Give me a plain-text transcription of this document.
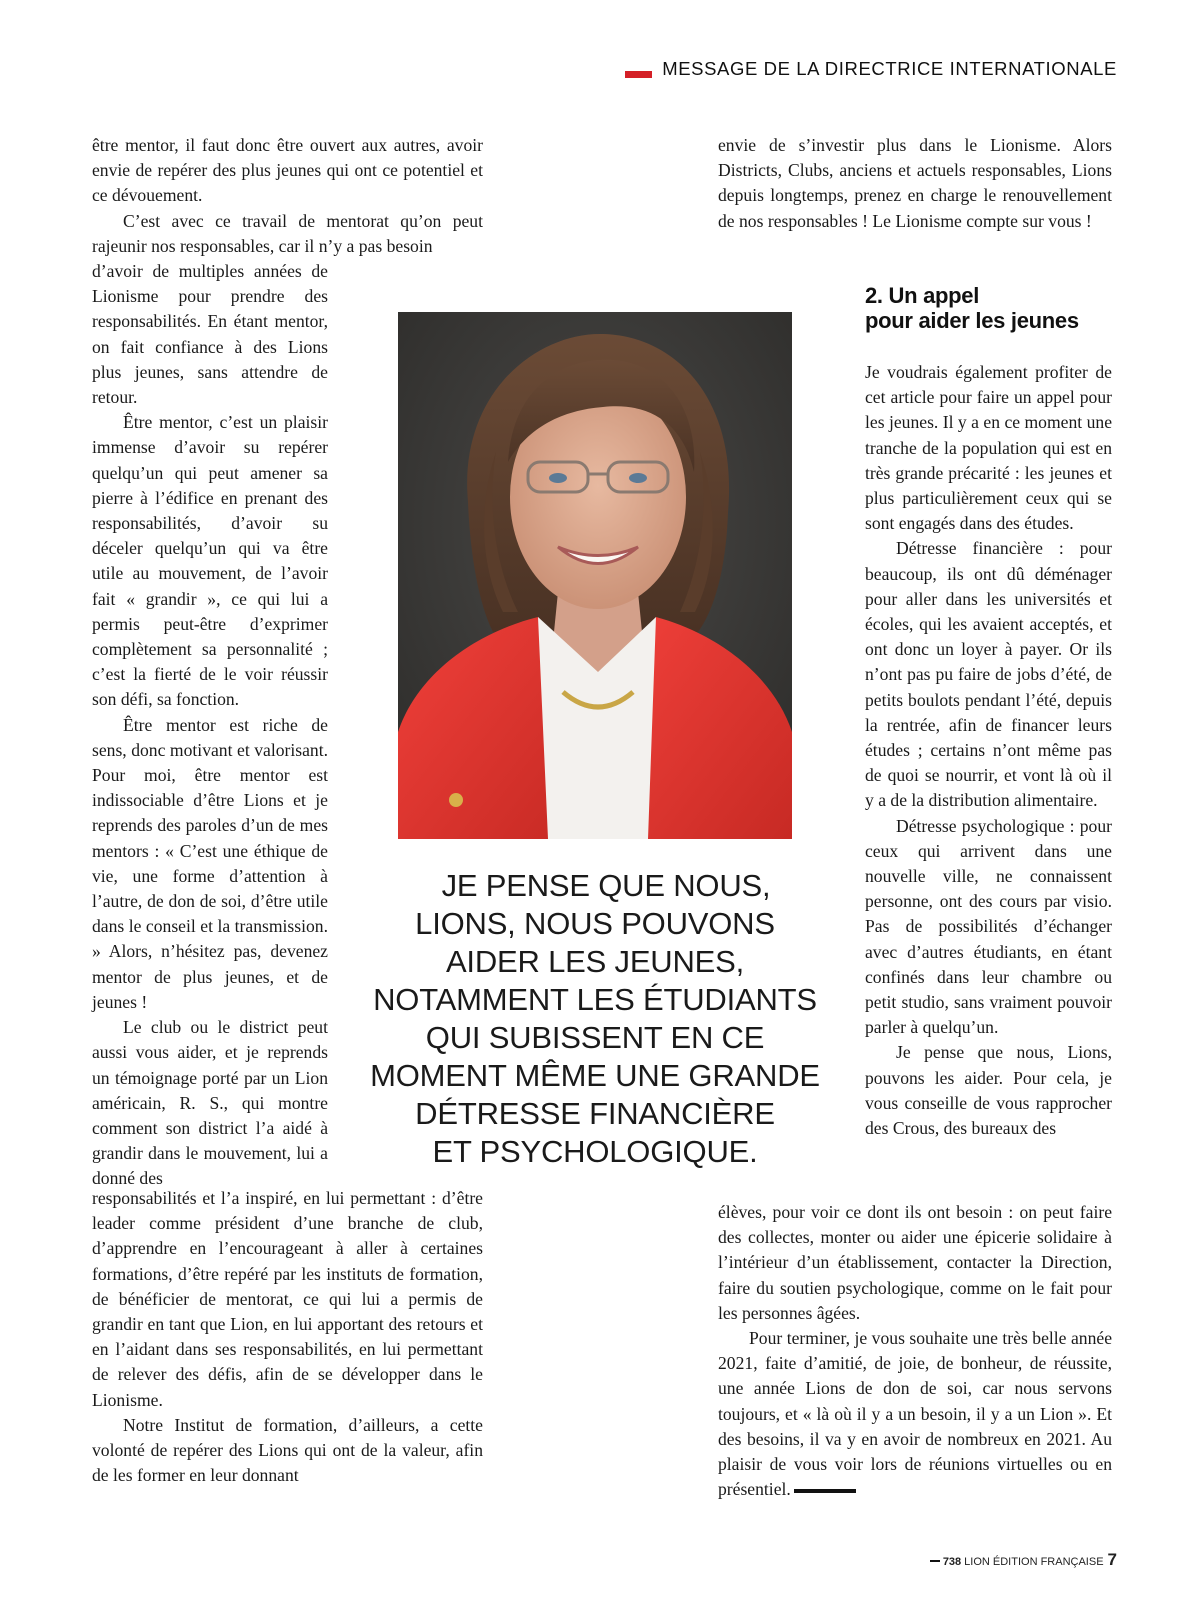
MESSAGE DE LA DIRECTRICE INTERNATIONALE

être mentor, il faut donc être ouvert aux autres, avoir envie de repérer des plus jeunes qui ont ce potentiel et ce dévouement.

C’est avec ce travail de mentorat qu’on peut rajeunir nos responsables, car il n’y a pas besoin

d’avoir de multiples années de Lionisme pour prendre des responsabilités. En étant mentor, on fait confiance à des Lions plus jeunes, sans attendre de retour.

Être mentor, c’est un plaisir immense d’avoir su repérer quelqu’un qui peut amener sa pierre à l’édifice en prenant des responsabilités, d’avoir su déceler quelqu’un qui va être utile au mouvement, de l’avoir fait « grandir », ce qui lui a permis peut-être d’exprimer complètement sa personnalité ; c’est la fierté de le voir réussir son défi, sa fonction.

Être mentor est riche de sens, donc motivant et valorisant. Pour moi, être mentor est indissociable d’être Lions et je reprends des paroles d’un de mes mentors : « C’est une éthique de vie, une forme d’attention à l’autre, de don de soi, d’être utile dans le conseil et la transmission. » Alors, n’hésitez pas, devenez mentor de plus jeunes, et de jeunes !

Le club ou le district peut aussi vous aider, et je reprends un témoignage porté par un Lion américain, R. S., qui montre comment son district l’a aidé à grandir dans le mouvement, lui a donné des

responsabilités et l’a inspiré, en lui permettant : d’être leader comme président d’une branche de club, d’apprendre en l’encourageant à aller à certaines formations, d’être repéré par les instituts de formation, de bénéficier de mentorat, ce qui lui a permis de grandir en tant que Lion, en lui apportant des retours et en l’aidant dans ses responsabilités, en lui permettant de relever des défis, afin de se développer dans le Lionisme.

Notre Institut de formation, d’ailleurs, a cette volonté de repérer des Lions qui ont de la valeur, afin de les former en leur donnant

JE PENSE QUE NOUS,
LIONS, NOUS POUVONS
AIDER LES JEUNES,
NOTAMMENT LES ÉTUDIANTS
QUI SUBISSENT EN CE
MOMENT MÊME UNE GRANDE
DÉTRESSE FINANCIÈRE
ET PSYCHOLOGIQUE.

envie de s’investir plus dans le Lionisme. Alors Districts, Clubs, anciens et actuels responsables, Lions depuis longtemps, prenez en charge le renouvellement de nos responsables ! Le Lionisme compte sur vous !

2. Un appel
pour aider les jeunes

Je voudrais également profiter de cet article pour faire un appel pour les jeunes. Il y a en ce moment une tranche de la population qui est en très grande précarité : les jeunes et plus particulièrement ceux qui se sont engagés dans des études.

Détresse financière : pour beaucoup, ils ont dû déménager pour aller dans les universités et écoles, qui les avaient acceptés, et ont donc un loyer à payer. Or ils n’ont pas pu faire de jobs d’été, de petits boulots pendant l’été, depuis la rentrée, afin de financer leurs études ; certains n’ont même pas de quoi se nourrir, et vont là où il y a de la distribution alimentaire.

Détresse psychologique : pour ceux qui arrivent dans une nouvelle ville, ne connaissent personne, ont des cours par visio. Pas de possibilités d’échanger avec d’autres étudiants, en étant confinés dans leur chambre ou petit studio, sans vraiment pouvoir parler à quelqu’un.

Je pense que nous, Lions, pouvons les aider. Pour cela, je vous conseille de vous rapprocher des Crous, des bureaux des

élèves, pour voir ce dont ils ont besoin : on peut faire des collectes, monter ou aider une épicerie solidaire à l’intérieur d’un établissement, contacter la Direction, faire du soutien psychologique, comme on le fait pour les personnes âgées.

Pour terminer, je vous souhaite une très belle année 2021, faite d’amitié, de joie, de bonheur, de réussite, une année Lions de don de soi, car nous servons toujours, et « là où il y a un besoin, il y a un Lion ». Et des besoins, il va y en avoir de nombreux en 2021. Au plaisir de vous voir lors de réunions virtuelles ou en présentiel.

738 LION ÉDITION FRANÇAISE 7
